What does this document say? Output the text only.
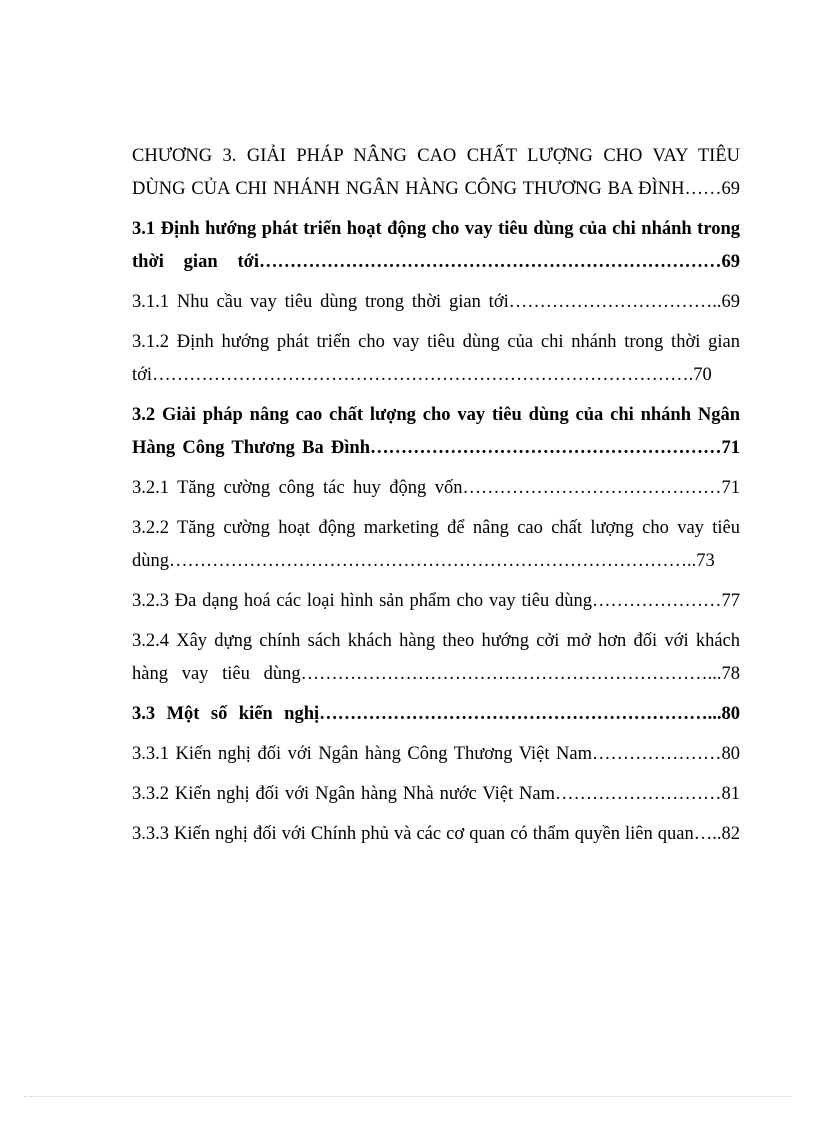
CHƯƠNG 3. GIẢI PHÁP NÂNG CAO CHẤT LƯỢNG CHO VAY TIÊU
DÙNG CỦA CHI NHÁNH NGÂN HÀNG CÔNG THƯƠNG BA ĐÌNH……69

3.1 Định hướng phát triển hoạt động cho vay tiêu dùng của chi nhánh trong
thời gian tới…………………………………………………………………69

3.1.1 Nhu cầu vay tiêu dùng trong thời gian tới……………………………..69

3.1.2 Định hướng phát triển cho vay tiêu dùng của chi nhánh trong thời gian
tới…………………………………………………………………………….70

3.2 Giải pháp nâng cao chất lượng cho vay tiêu dùng của chi nhánh Ngân
Hàng Công Thương Ba Đình…………………………………………………71

3.2.1 Tăng cường công tác huy động vốn……………………………………71

3.2.2 Tăng cường hoạt động marketing để nâng cao chất lượng cho vay tiêu
dùng…………………………………………………………………………..73

3.2.3 Đa dạng hoá các loại hình sản phẩm cho vay tiêu dùng…………………77

3.2.4 Xây dựng chính sách khách hàng theo hướng cởi mở hơn đối với khách
hàng vay tiêu dùng…………………………………………………………...78

3.3 Một số kiến nghị………………………………………………………...80

3.3.1 Kiến nghị đối với Ngân hàng Công Thương Việt Nam…………………80

3.3.2 Kiến nghị đối với Ngân hàng Nhà nước Việt Nam………………………81

3.3.3 Kiến nghị đối với Chính phủ và các cơ quan có thẩm quyền liên quan…..82
